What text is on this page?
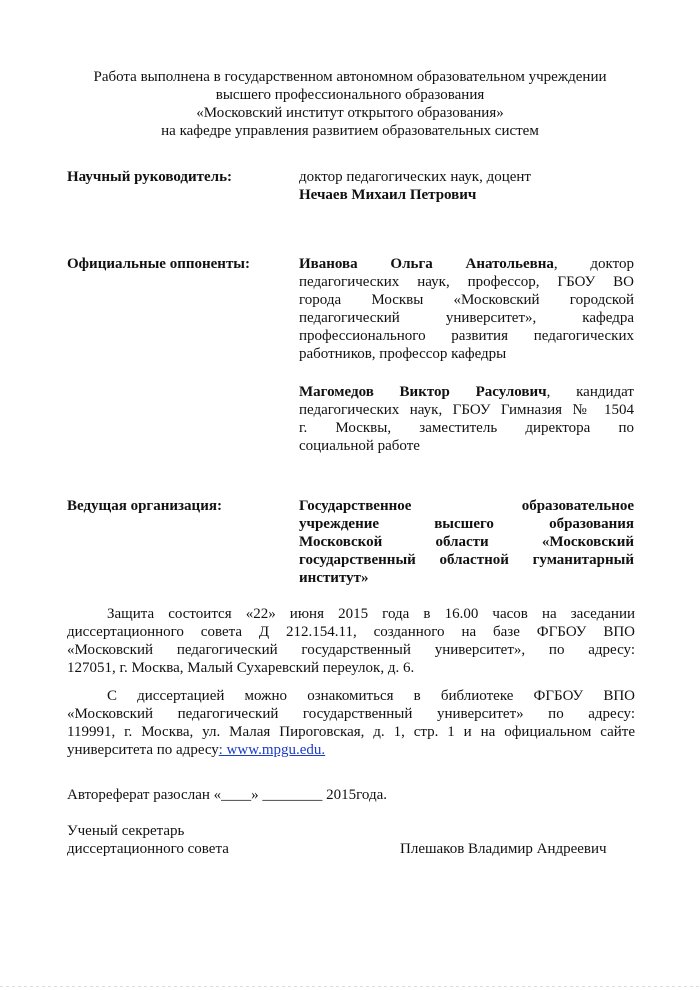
Работа выполнена в государственном автономном образовательном учреждении
высшего профессионального образования
«Московский институт открытого образования»
на кафедре управления развитием образовательных систем
Научный руководитель:	доктор педагогических наук, доцент
Нечаев Михаил Петрович
Официальные оппоненты:	Иванова Ольга Анатольевна, доктор
педагогических наук, профессор, ГБОУ ВО
города Москвы «Московский городской
педагогический университет», кафедра
профессионального развития педагогических
работников, профессор кафедры
Магомедов Виктор Расулович, кандидат
педагогических наук, ГБОУ Гимназия № 1504
г. Москвы, заместитель директора по
социальной работе
Ведущая организация:	Государственное образовательное
учреждение высшего образования
Московской области «Московский
государственный областной гуманитарный
институт»
Защита состоится «22» июня 2015 года в 16.00 часов на заседании
диссертационного совета Д 212.154.11, созданного на базе ФГБОУ ВПО
«Московский педагогический государственный университет», по адресу:
127051, г. Москва, Малый Сухаревский переулок, д. 6.
С диссертацией можно ознакомиться в библиотеке ФГБОУ ВПО
«Московский педагогический государственный университет» по адресу:
119991, г. Москва, ул. Малая Пироговская, д. 1, стр. 1 и на официальном сайте
университета по адресу: www.mpgu.edu.
Автореферат разослан «____» ________ 2015года.
Ученый секретарь
диссертационного совета	Плешаков Владимир Андреевич
